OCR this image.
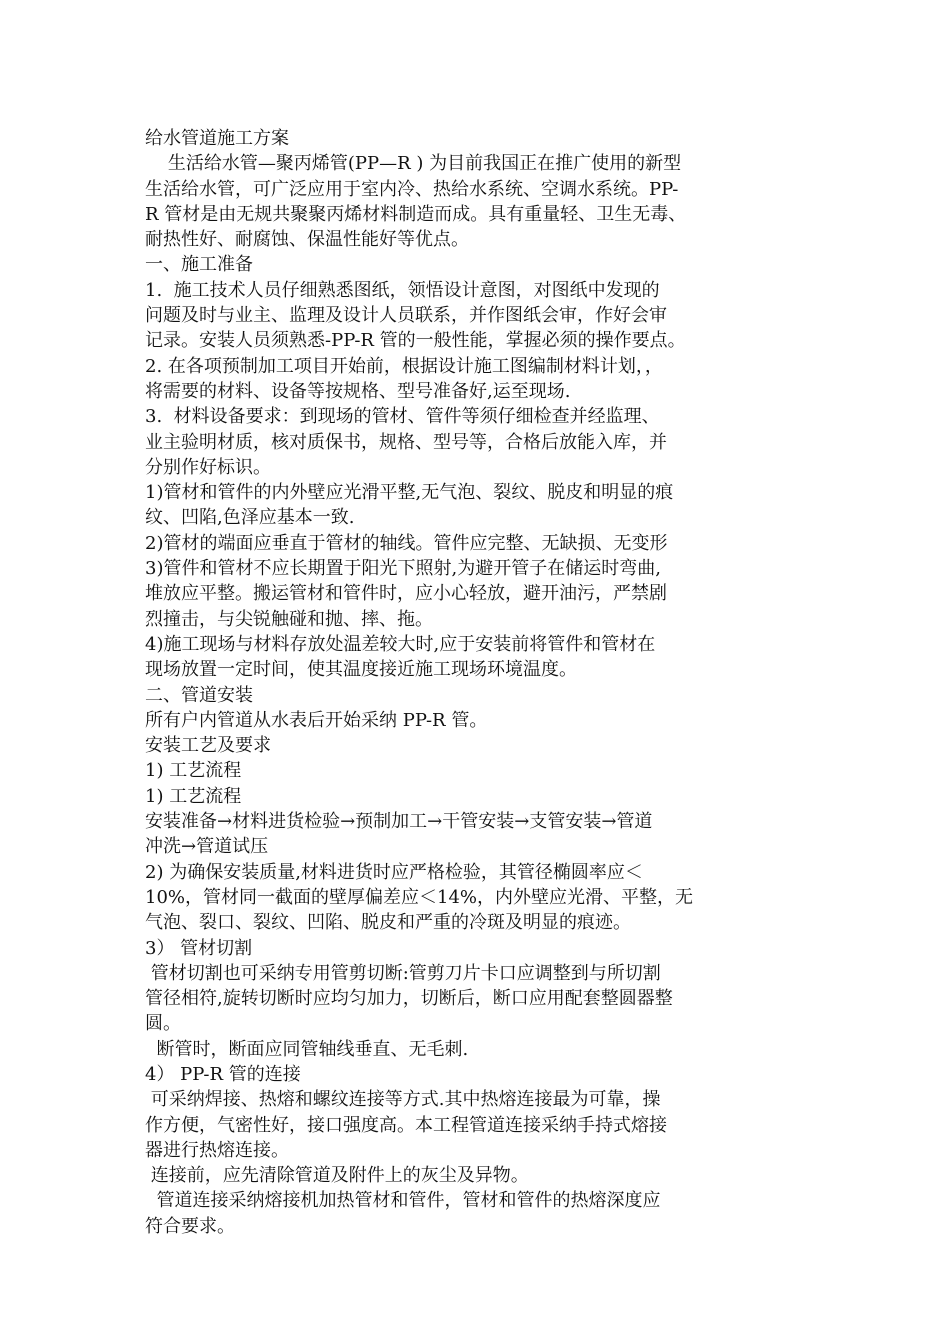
给水管道施工方案
生活给水管—聚丙烯管(PP—R ) 为目前我国正在推广使用的新型
生活给水管，可广泛应用于室内冷、热给水系统、空调水系统。PP-
R 管材是由无规共聚聚丙烯材料制造而成。具有重量轻、卫生无毒、
耐热性好、耐腐蚀、保温性能好等优点。
一、施工准备
1.  施工技术人员仔细熟悉图纸，领悟设计意图，对图纸中发现的
问题及时与业主、监理及设计人员联系，并作图纸会审，作好会审
记录。安装人员须熟悉-PP-R 管的一般性能，掌握必须的操作要点。
2. 在各项预制加工项目开始前，根据设计施工图编制材料计划，，
将需要的材料、设备等按规格、型号准备好,运至现场.
3.  材料设备要求：到现场的管材、管件等须仔细检查并经监理、
业主验明材质，核对质保书，规格、型号等，合格后放能入库，并
分别作好标识。
1)管材和管件的内外壁应光滑平整,无气泡、裂纹、脱皮和明显的痕
纹、凹陷,色泽应基本一致.
2)管材的端面应垂直于管材的轴线。管件应完整、无缺损、无变形
3)管件和管材不应长期置于阳光下照射,为避开管子在储运时弯曲,
堆放应平整。搬运管材和管件时，应小心轻放，避开油污，严禁剧
烈撞击，与尖锐触碰和抛、摔、拖。
4)施工现场与材料存放处温差较大时,应于安装前将管件和管材在
现场放置一定时间，使其温度接近施工现场环境温度。
二、管道安装
所有户内管道从水表后开始采纳 PP-R 管。
安装工艺及要求
1) 工艺流程
1) 工艺流程
安装准备→材料进货检验→预制加工→干管安装→支管安装→管道
冲洗→管道试压
2) 为确保安装质量,材料进货时应严格检验，其管径椭圆率应＜
10%，管材同一截面的壁厚偏差应＜14%，内外壁应光滑、平整，无
气泡、裂口、裂纹、凹陷、脱皮和严重的冷斑及明显的痕迹。
3） 管材切割
管材切割也可采纳专用管剪切断:管剪刀片卡口应调整到与所切割
管径相符,旋转切断时应均匀加力，切断后，断口应用配套整圆器整
圆。
断管时，断面应同管轴线垂直、无毛刺.
4） PP-R 管的连接
可采纳焊接、热熔和螺纹连接等方式.其中热熔连接最为可靠，操
作方便，气密性好，接口强度高。本工程管道连接采纳手持式熔接
器进行热熔连接。
连接前，应先清除管道及附件上的灰尘及异物。
管道连接采纳熔接机加热管材和管件，管材和管件的热熔深度应
符合要求。
